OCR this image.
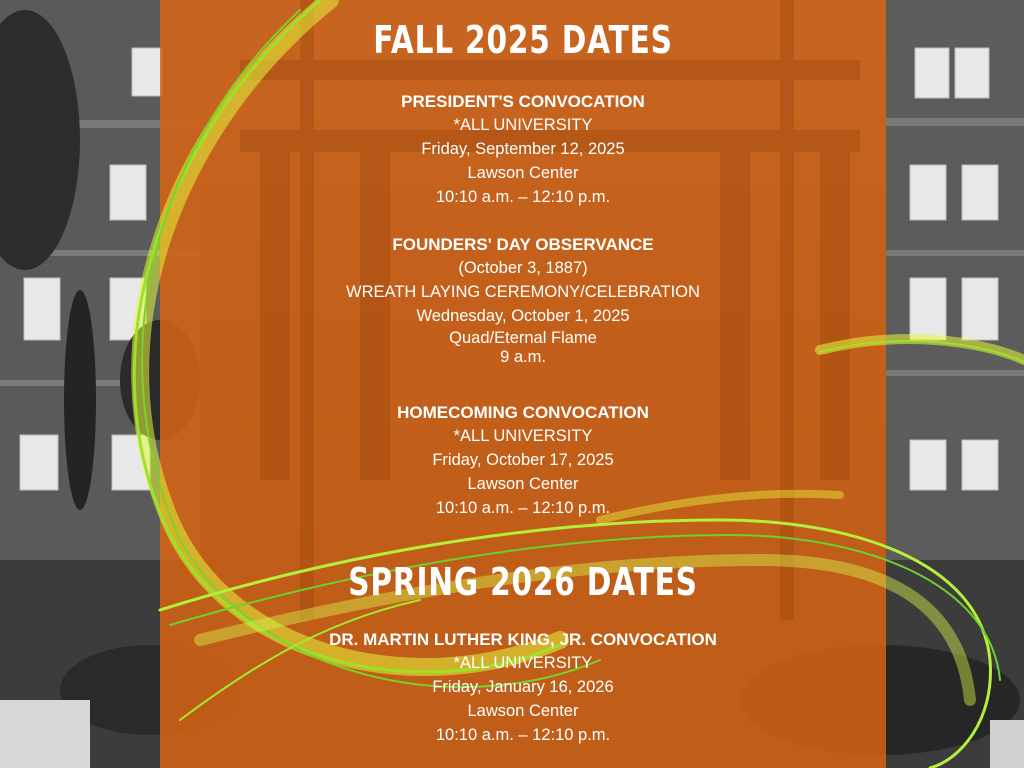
FALL 2025 DATES
PRESIDENT'S CONVOCATION
*ALL UNIVERSITY
Friday, September 12, 2025
Lawson Center
10:10 a.m. – 12:10 p.m.
FOUNDERS' DAY OBSERVANCE
(October 3, 1887)
WREATH LAYING CEREMONY/CELEBRATION
Wednesday, October 1, 2025
Quad/Eternal Flame
9 a.m.
HOMECOMING CONVOCATION
*ALL UNIVERSITY
Friday, October 17, 2025
Lawson Center
10:10 a.m. – 12:10 p.m.
SPRING 2026 DATES
DR. MARTIN LUTHER KING, JR. CONVOCATION
*ALL UNIVERSITY
Friday, January 16, 2026
Lawson Center
10:10 a.m. – 12:10 p.m.
